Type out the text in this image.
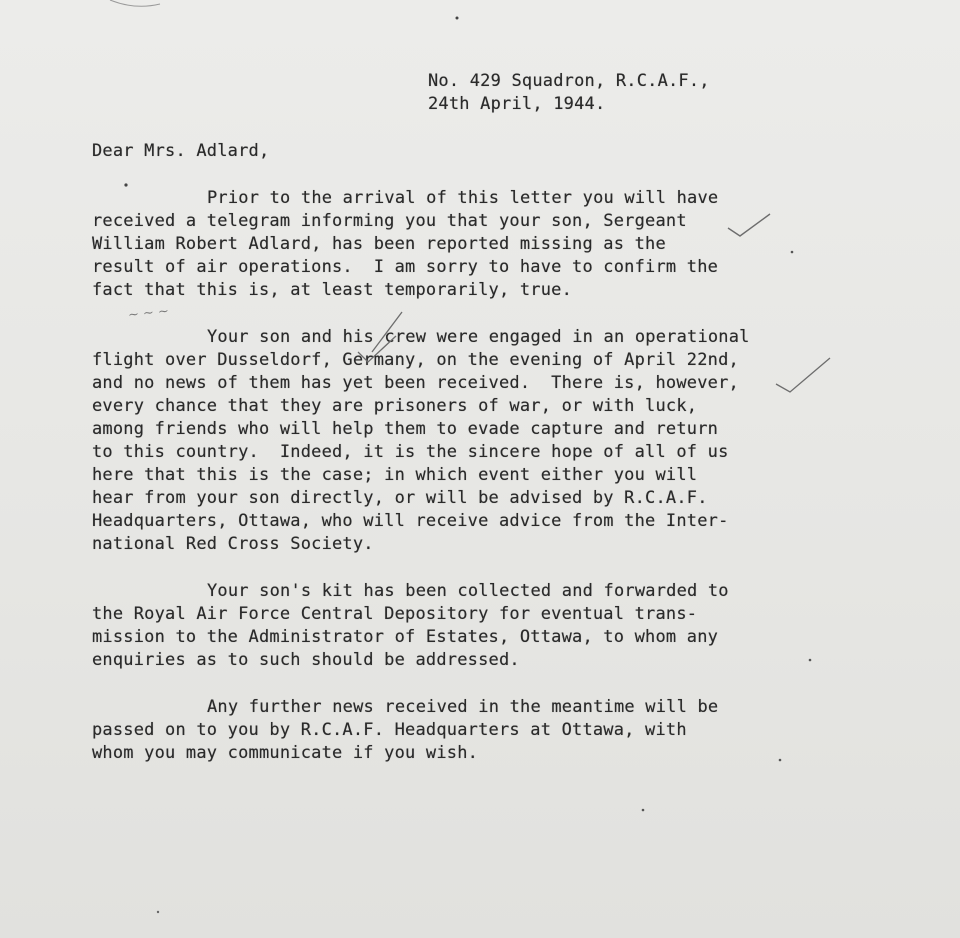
No. 429 Squadron, R.C.A.F.,
24th April, 1944.
Dear Mrs. Adlard,
Prior to the arrival of this letter you will have
received a telegram informing you that your son, Sergeant
William Robert Adlard, has been reported missing as the
result of air operations.  I am sorry to have to confirm the
fact that this is, at least temporarily, true.
Your son and his crew were engaged in an operational
flight over Dusseldorf, Germany, on the evening of April 22nd,
and no news of them has yet been received.  There is, however,
every chance that they are prisoners of war, or with luck,
among friends who will help them to evade capture and return
to this country.  Indeed, it is the sincere hope of all of us
here that this is the case; in which event either you will
hear from your son directly, or will be advised by R.C.A.F.
Headquarters, Ottawa, who will receive advice from the Inter-
national Red Cross Society.
Your son's kit has been collected and forwarded to
the Royal Air Force Central Depository for eventual trans-
mission to the Administrator of Estates, Ottawa, to whom any
enquiries as to such should be addressed.
Any further news received in the meantime will be
passed on to you by R.C.A.F. Headquarters at Ottawa, with
whom you may communicate if you wish.
~ ~ ~
